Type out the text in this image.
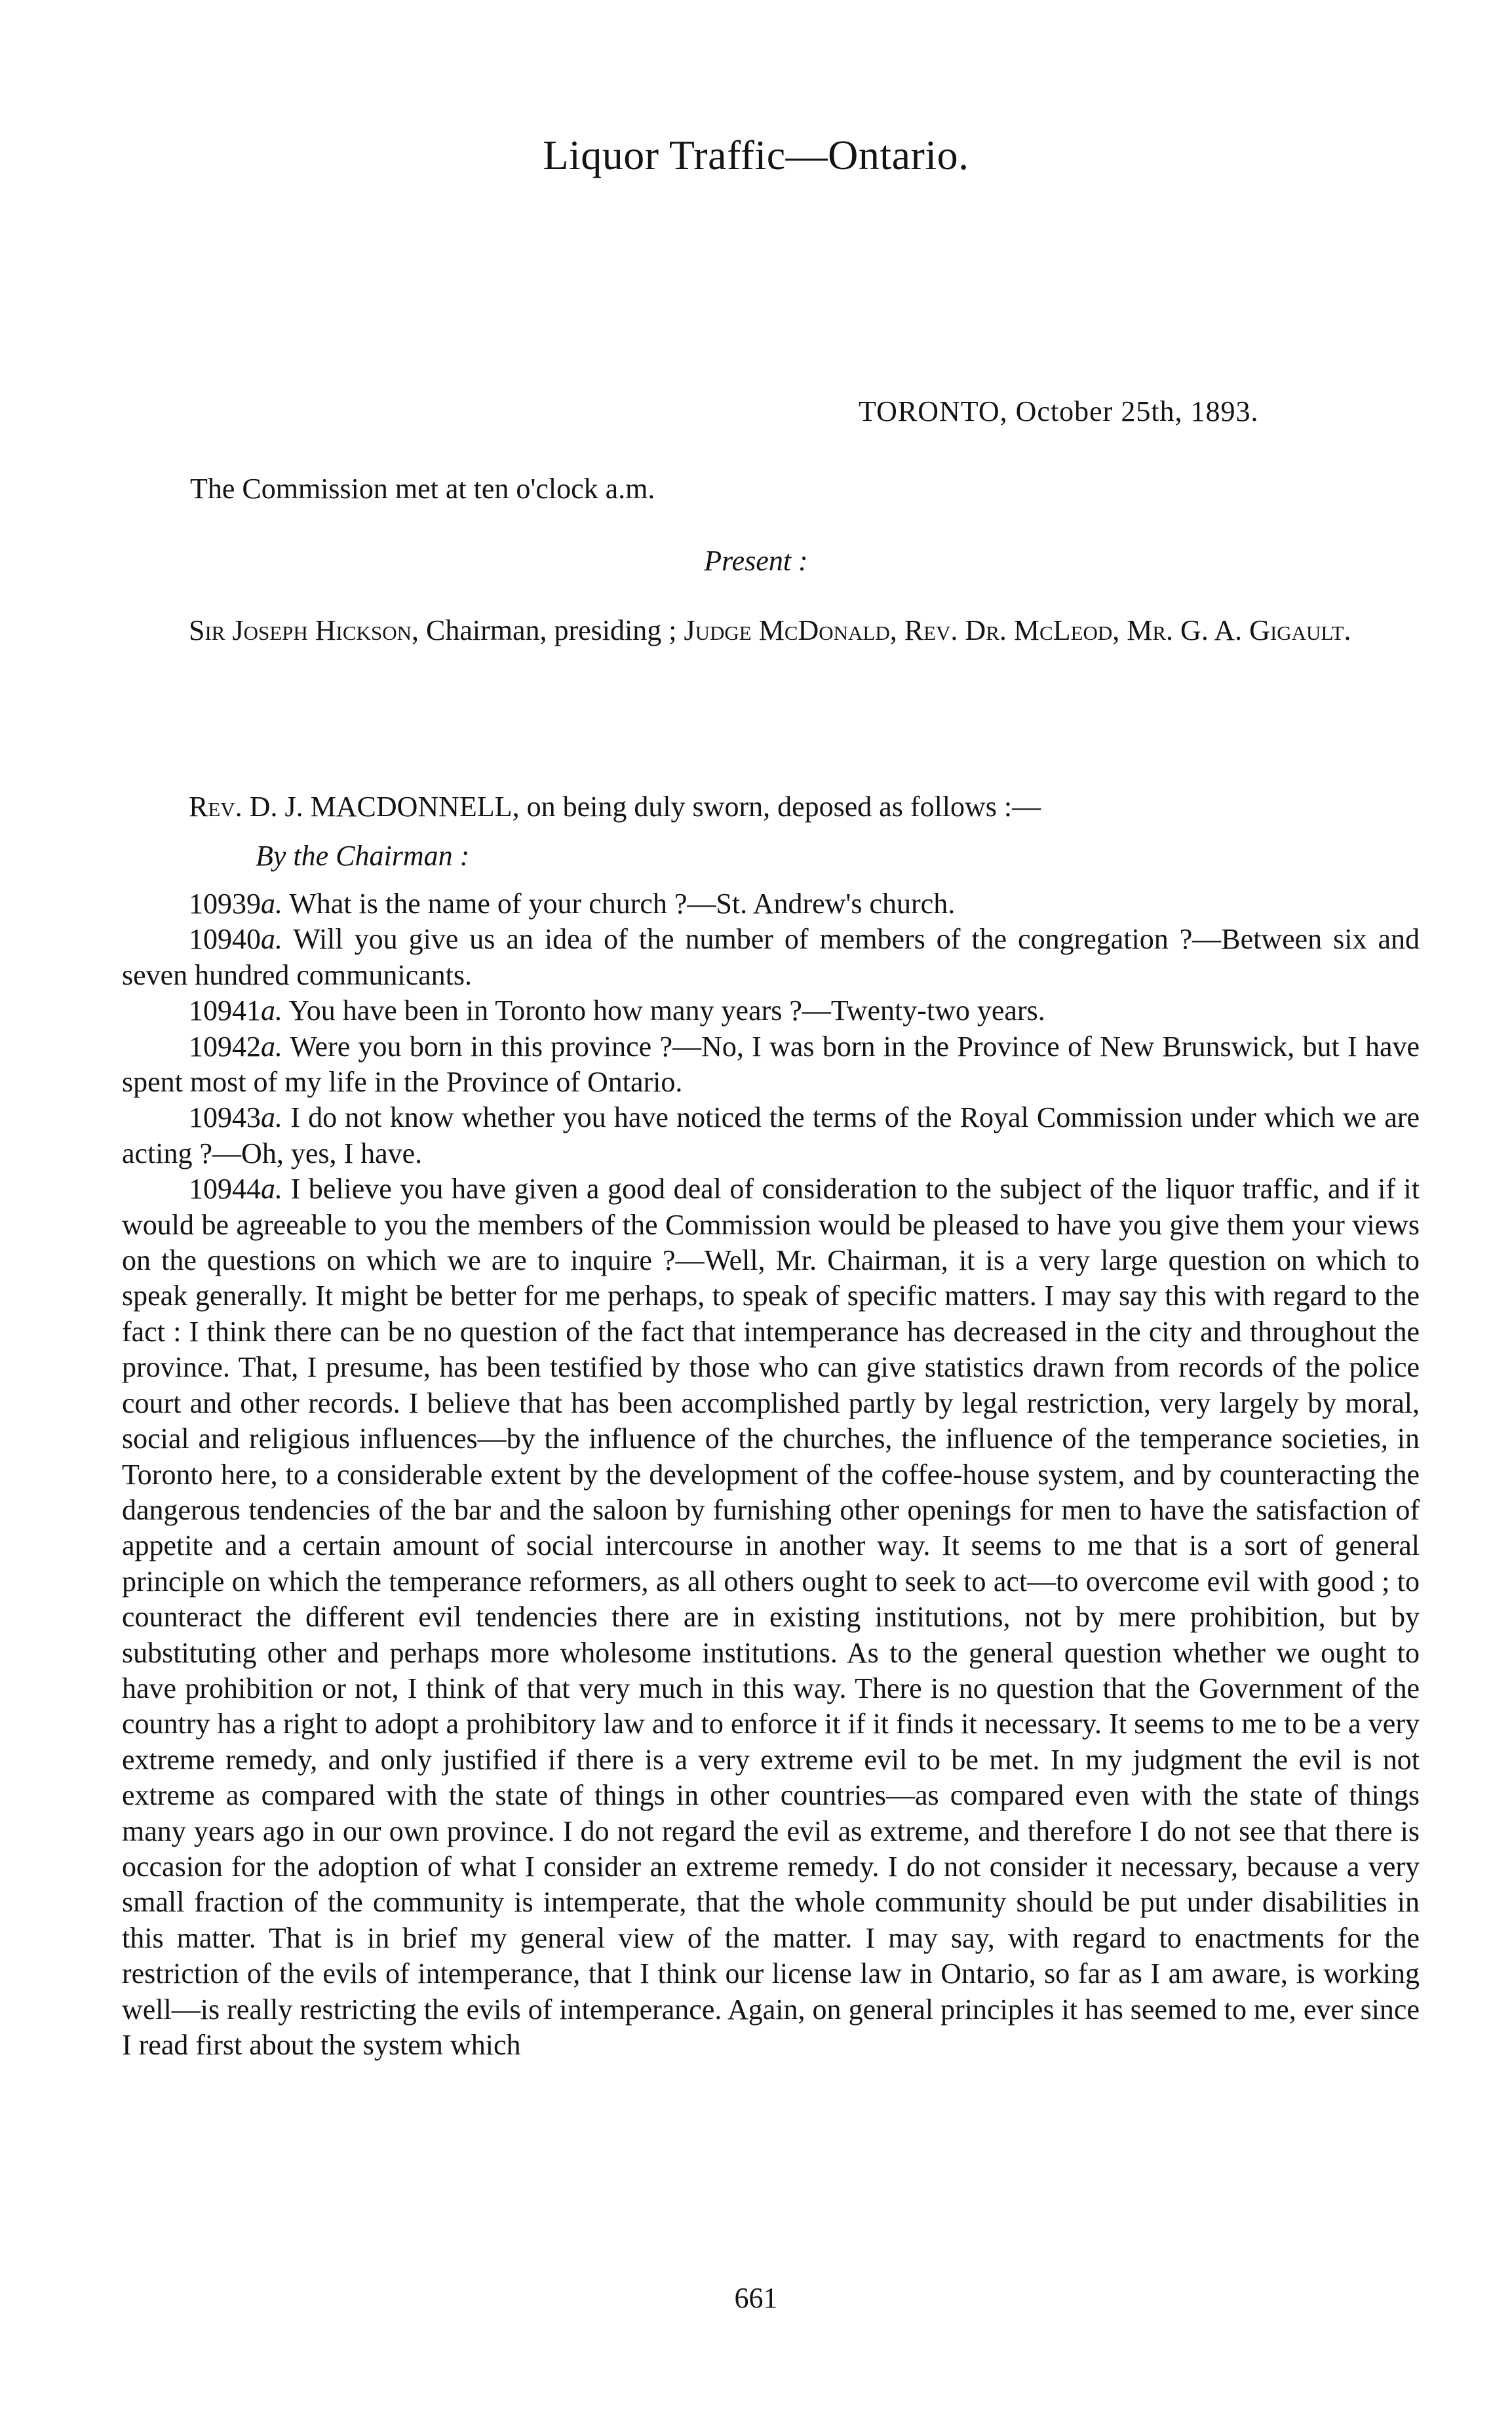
Liquor Traffic—Ontario.
TORONTO, October 25th, 1893.
The Commission met at ten o'clock a.m.
Present :
Sir Joseph Hickson, Chairman, presiding ; Judge McDonald, Rev. Dr. McLeod, Mr. G. A. Gigault.
Rev. D. J. MACDONNELL, on being duly sworn, deposed as follows :—
By the Chairman :

10939a. What is the name of your church ?—St. Andrew's church.

10940a. Will you give us an idea of the number of members of the congregation ?—Between six and seven hundred communicants.

10941a. You have been in Toronto how many years ?—Twenty-two years.

10942a. Were you born in this province ?—No, I was born in the Province of New Brunswick, but I have spent most of my life in the Province of Ontario.

10943a. I do not know whether you have noticed the terms of the Royal Commission under which we are acting ?—Oh, yes, I have.

10944a. I believe you have given a good deal of consideration to the subject of the liquor traffic, and if it would be agreeable to you the members of the Commission would be pleased to have you give them your views on the questions on which we are to inquire ?—Well, Mr. Chairman, it is a very large question on which to speak generally. It might be better for me perhaps, to speak of specific matters. I may say this with regard to the fact : I think there can be no question of the fact that intemperance has decreased in the city and throughout the province. That, I presume, has been testified by those who can give statistics drawn from records of the police court and other records. I believe that has been accomplished partly by legal restriction, very largely by moral, social and religious influences—by the influence of the churches, the influence of the temperance societies, in Toronto here, to a considerable extent by the development of the coffee-house system, and by counteracting the dangerous tendencies of the bar and the saloon by furnishing other openings for men to have the satisfaction of appetite and a certain amount of social intercourse in another way. It seems to me that is a sort of general principle on which the temperance reformers, as all others ought to seek to act—to overcome evil with good ; to counteract the different evil tendencies there are in existing institutions, not by mere prohibition, but by substituting other and perhaps more wholesome institutions. As to the general question whether we ought to have prohibition or not, I think of that very much in this way. There is no question that the Government of the country has a right to adopt a prohibitory law and to enforce it if it finds it necessary. It seems to me to be a very extreme remedy, and only justified if there is a very extreme evil to be met. In my judgment the evil is not extreme as compared with the state of things in other countries—as compared even with the state of things many years ago in our own province. I do not regard the evil as extreme, and therefore I do not see that there is occasion for the adoption of what I consider an extreme remedy. I do not consider it necessary, because a very small fraction of the community is intemperate, that the whole community should be put under disabilities in this matter. That is in brief my general view of the matter. I may say, with regard to enactments for the restriction of the evils of intemperance, that I think our license law in Ontario, so far as I am aware, is working well—is really restricting the evils of intemperance. Again, on general principles it has seemed to me, ever since I read first about the system which

661
